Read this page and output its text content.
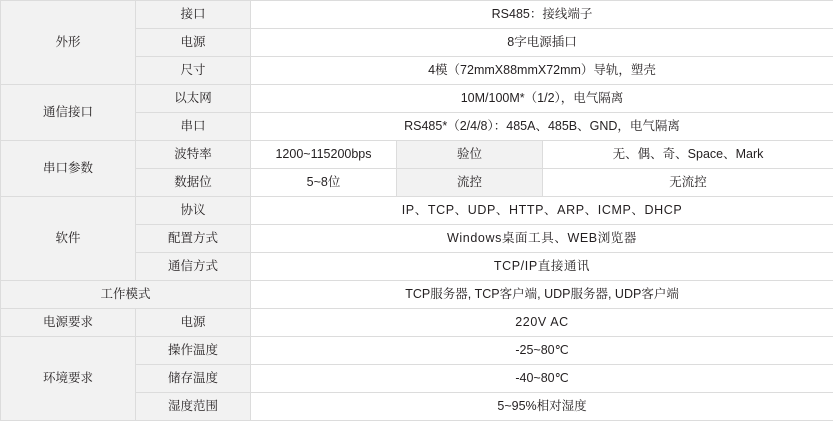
外形	接口	RS485：接线端子		
	电源	8字电源插口		
	尺寸	4模（72mmX88mmX72mm）导轨，塑壳		
通信接口	以太网	10M/100M*（1/2），电气隔离		
	串口	RS485*（2/4/8）：485A、485B、GND，电气隔离		
串口参数	波特率	1200~115200bps	验位	无、偶、奇、Space、Mark
	数据位	5~8位	流控	无流控
软件	协议	IP、TCP、UDP、HTTP、ARP、ICMP、DHCP		
	配置方式	Windows桌面工具、WEB浏览器		
	通信方式	TCP/IP直接通讯		
工作模式		TCP服务器, TCP客户端, UDP服务器, UDP客户端		
电源要求	电源	220V AC		
环境要求	操作温度	-25~80℃		
	储存温度	-40~80℃		
	湿度范围	5~95%相对湿度		
